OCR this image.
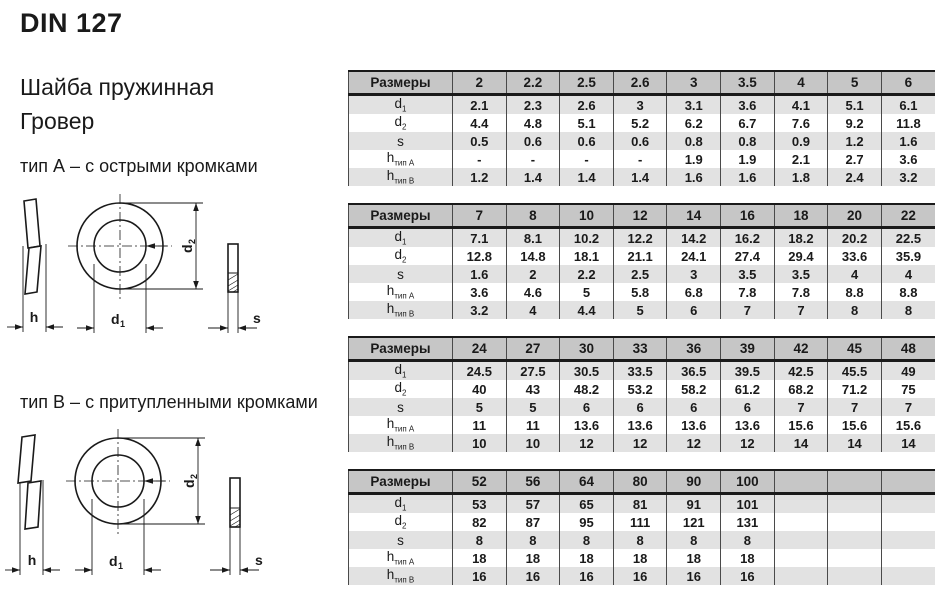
DIN 127
Шайба пружинная
Гровер
тип А – с острыми кромками
тип B – с притупленными кромками
h
d
2
d 1	s
h
d
2
d 1	s
Размеры	2	2.2	2.5	2.6	3	3.5	4	5	6
$d_1$	2.1	2.3	2.6	3	3.1	3.6	4.1	5.1	6.1
$d_2$	4.4	4.8	5.1	5.2	6.2	6.7	7.6	9.2	11.8
s	0.5	0.6	0.6	0.6	0.8	0.8	0.9	1.2	1.6
$h_{тип А}$	-	-	-	-	1.9	1.9	2.1	2.7	3.6
$h_{тип B}$	1.2	1.4	1.4	1.4	1.6	1.6	1.8	2.4	3.2
Размеры	7	8	10	12	14	16	18	20	22
$d_1$	7.1	8.1	10.2	12.2	14.2	16.2	18.2	20.2	22.5
$d_2$	12.8	14.8	18.1	21.1	24.1	27.4	29.4	33.6	35.9
s	1.6	2	2.2	2.5	3	3.5	3.5	4	4
$h_{тип А}$	3.6	4.6	5	5.8	6.8	7.8	7.8	8.8	8.8
$h_{тип B}$	3.2	4	4.4	5	6	7	7	8	8
Размеры	24	27	30	33	36	39	42	45	48
$d_1$	24.5	27.5	30.5	33.5	36.5	39.5	42.5	45.5	49
$d_2$	40	43	48.2	53.2	58.2	61.2	68.2	71.2	75
s	5	5	6	6	6	6	7	7	7
$h_{тип А}$	11	11	13.6	13.6	13.6	13.6	15.6	15.6	15.6
$h_{тип B}$	10	10	12	12	12	12	14	14	14
Размеры	52	56	64	80	90	100			
$d_1$	53	57	65	81	91	101			
$d_2$	82	87	95	111	121	131			
s	8	8	8	8	8	8			
$h_{тип А}$	18	18	18	18	18	18			
$h_{тип B}$	16	16	16	16	16	16			
